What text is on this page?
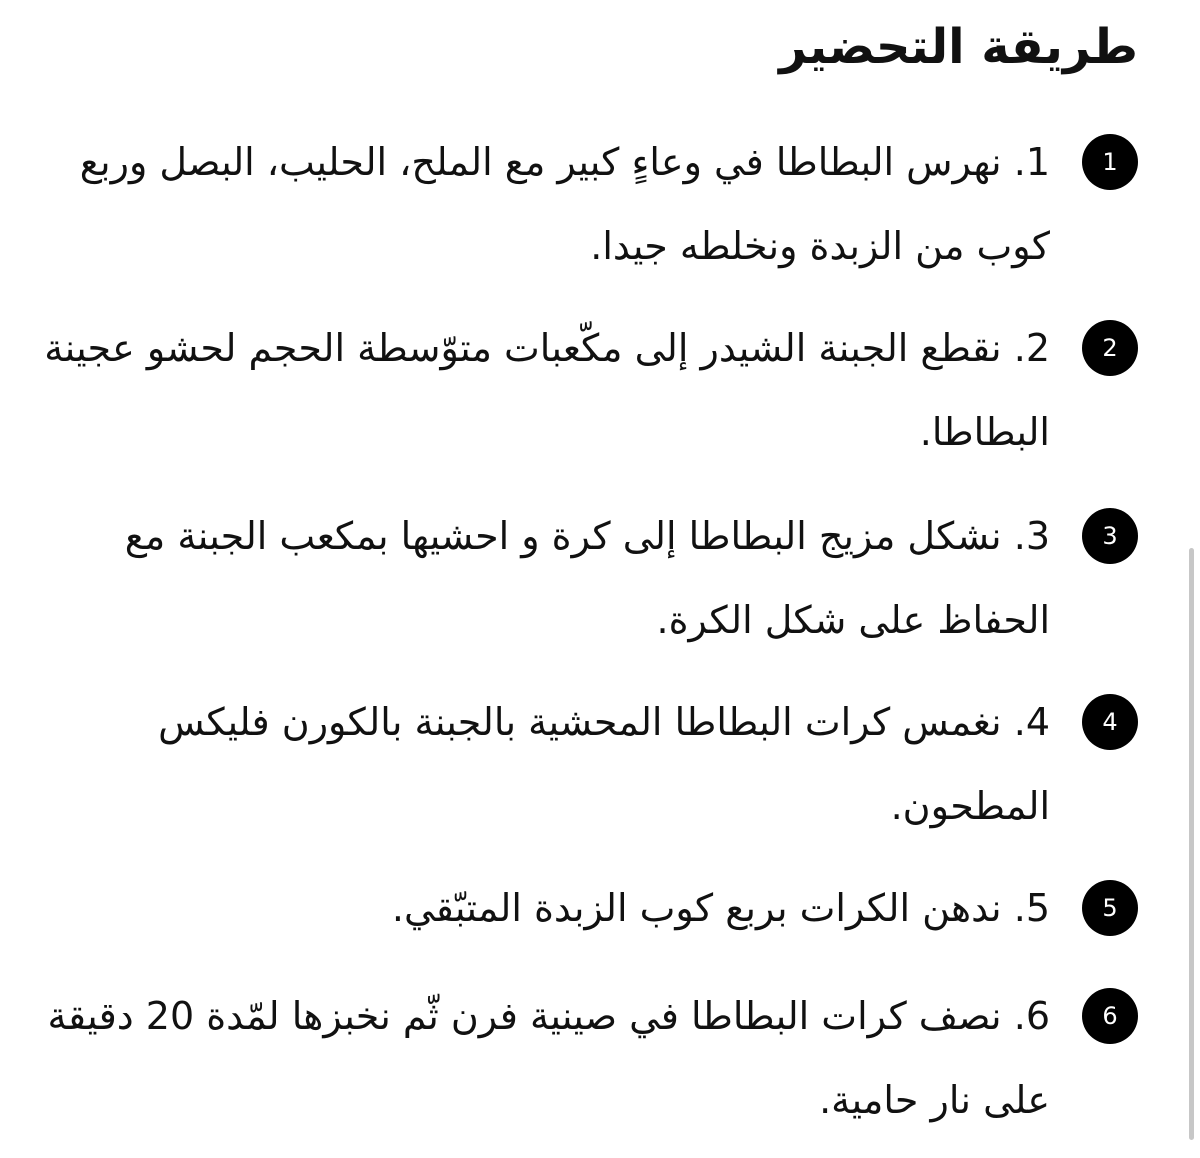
طريقة التحضير
1

1. نهرس البطاطا في وعاءٍ كبير مع الملح، الحليب، البصل وربع كوب من الزبدة ونخلطه جيدا.

2

2. نقطع الجبنة الشيدر إلى مكّعبات متوّسطة الحجم لحشو عجينة البطاطا.

3

3. نشكل مزيج البطاطا إلى كرة و احشيها بمكعب الجبنة مع الحفاظ على شكل الكرة.

4

4. نغمس كرات البطاطا المحشية بالجبنة بالكورن فليكس المطحون.

5

5. ندهن الكرات بربع كوب الزبدة المتبّقي.

6

6. نصف كرات البطاطا في صينية فرن ثّم نخبزها لمّدة 20 دقيقة على نار حامية.
